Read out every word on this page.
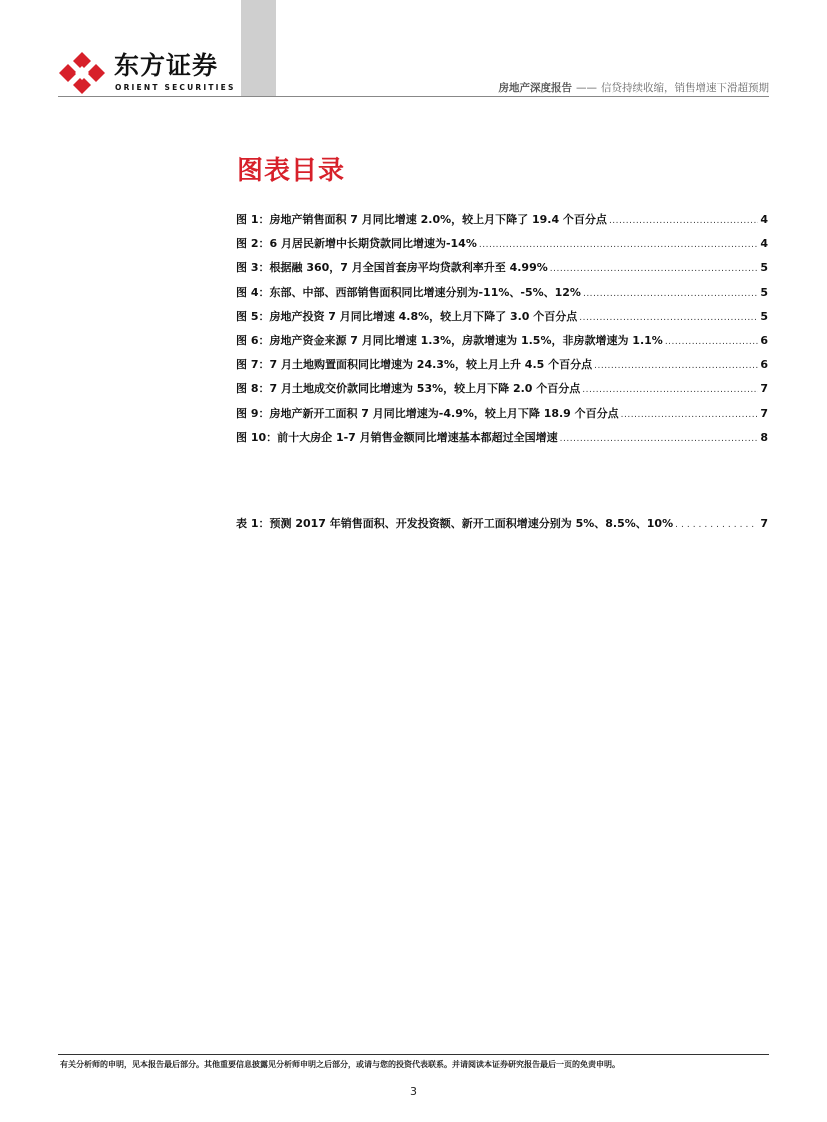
东方证券
ORIENT SECURITIES	房地产深度报告 —— 信贷持续收缩，销售增速下滑超预期
图表目录
图 1：房地产销售面积 7 月同比增速 2.0%，较上月下降了 19.4 个百分点 .....	4
图 2：6 月居民新增中长期贷款同比增速为-14% .....	4
图 3：根据融 360，7 月全国首套房平均贷款利率升至 4.99% .....	5
图 4：东部、中部、西部销售面积同比增速分别为-11%、-5%、12% .....	5
图 5：房地产投资 7 月同比增速 4.8%，较上月下降了 3.0 个百分点 .....	5
图 6：房地产资金来源 7 月同比增速 1.3%，房款增速为 1.5%，非房款增速为 1.1% .....	6
图 7：7 月土地购置面积同比增速为 24.3%，较上月上升 4.5 个百分点 .....	6
图 8：7 月土地成交价款同比增速为 53%，较上月下降 2.0 个百分点 .....	7
图 9：房地产新开工面积 7 月同比增速为-4.9%，较上月下降 18.9 个百分点 .....	7
图 10：前十大房企 1-7 月销售金额同比增速基本都超过全国增速 .....	8
表 1：预测 2017 年销售面积、开发投资额、新开工面积增速分别为 5%、8.5%、10% .....	7
有关分析师的申明，见本报告最后部分。其他重要信息披露见分析师申明之后部分，或请与您的投资代表联系。并请阅读本证券研究报告最后一页的免责申明。
3
